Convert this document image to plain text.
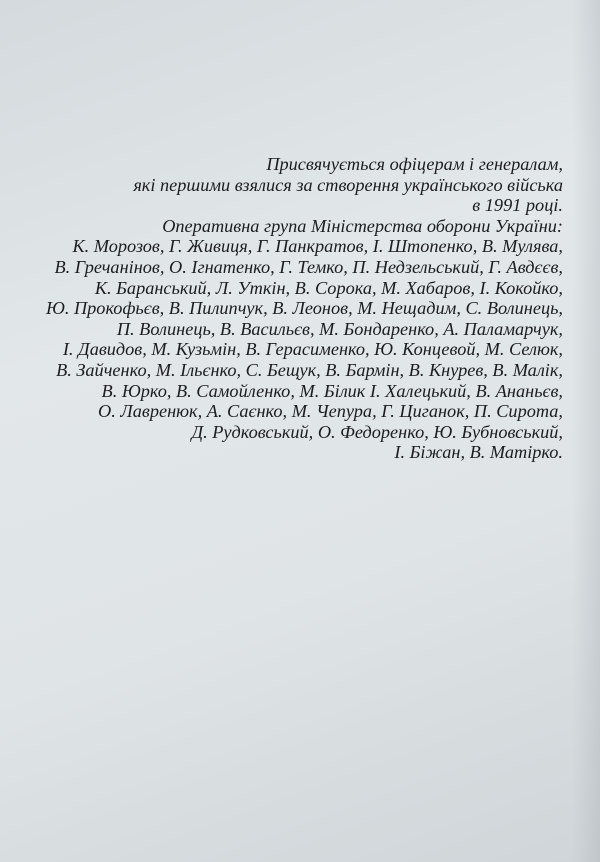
Присвячується офіцерам і генералам,
які першими взялися за створення українського війська
в 1991 році.
Оперативна група Міністерства оборони України:
К. Морозов, Г. Живиця, Г. Панкратов, І. Штопенко, В. Мулява,
В. Гречанінов, О. Ігнатенко, Г. Темко, П. Недзельський, Г. Авдєєв,
К. Баранський, Л. Уткін, В. Сорока, М. Хабаров, І. Кокойко,
Ю. Прокофьєв, В. Пилипчук, В. Леонов, М. Нещадим, С. Волинець,
П. Волинець, В. Васильєв, М. Бондаренко, А. Паламарчук,
І. Давидов, М. Кузьмін, В. Герасименко, Ю. Концевой, М. Селюк,
В. Зайченко, М. Ільєнко, С. Бещук, В. Бармін, В. Кнурев, В. Малік,
В. Юрко, В. Самойленко, М. Білик І. Халецький, В. Ананьєв,
О. Лавренюк, А. Саєнко, М. Чепура, Г. Циганок, П. Сирота,
Д. Рудковський, О. Федоренко, Ю. Бубновський,
І. Біжан, В. Матірко.
